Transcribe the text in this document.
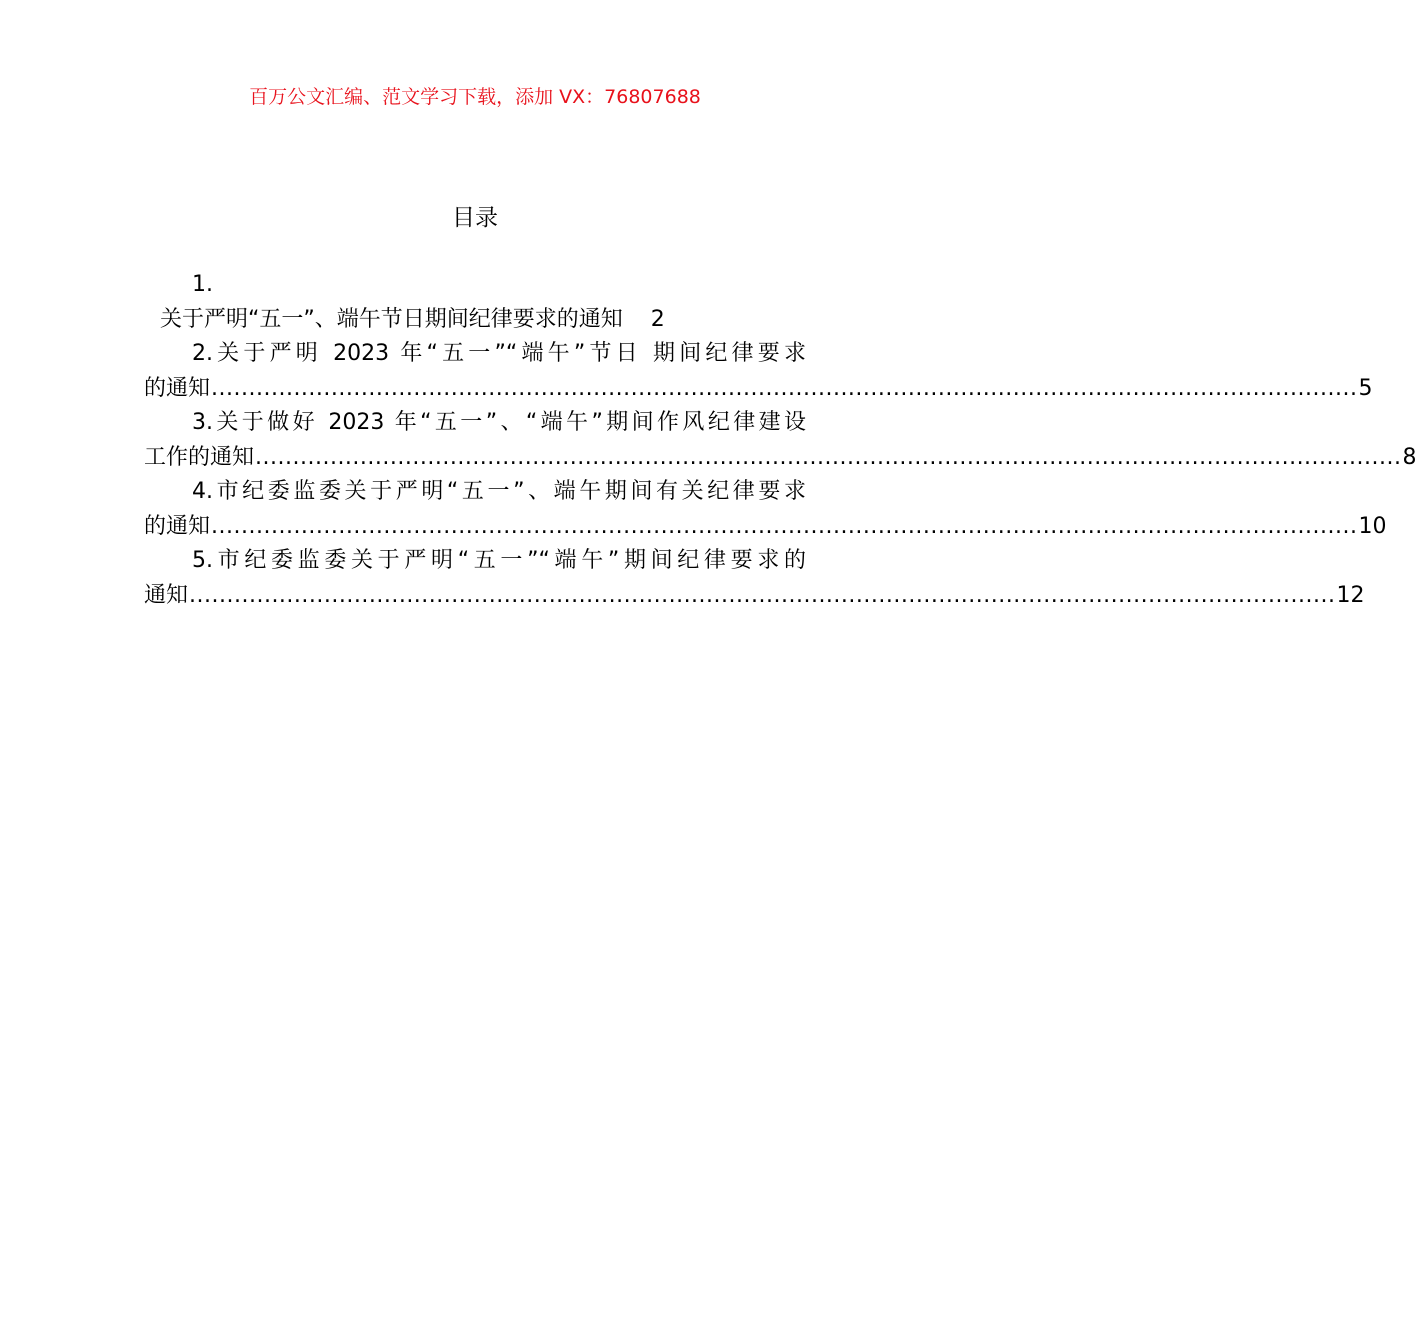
百万公文汇编、范文学习下载，添加 VX：76807688
目录
1.
关于严明“五一”、端午节日期间纪律要求的通知 2
2.关于严明 2023 年“五一”“端午”节日 期间纪律要求
的通知 ......................................................................................................................................................... 5
3.关于做好 2023 年“五一”、“端午”期间作风纪律建设
工作的通知 ......................................................................................................................................................... 8
4.市纪委监委关于严明“五一”、端午期间有关纪律要求
的通知 ......................................................................................................................................................... 10
5.市纪委监委关于严明“五一”“端午”期间纪律要求的
通知 ......................................................................................................................................................... 12
